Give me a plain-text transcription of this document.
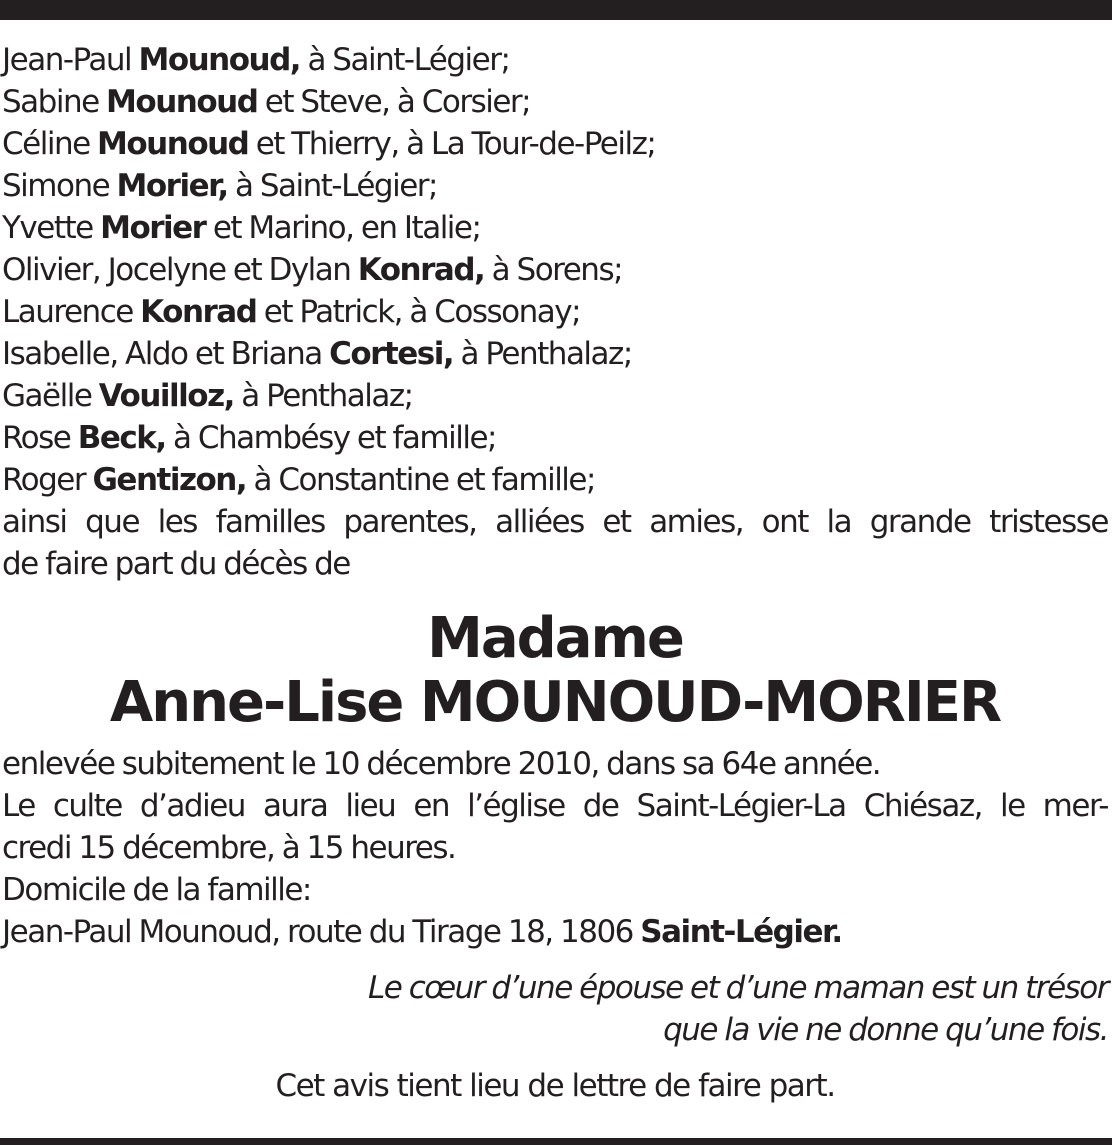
Jean-Paul Mounoud, à Saint-Légier;
Sabine Mounoud et Steve, à Corsier;
Céline Mounoud et Thierry, à La Tour-de-Peilz;
Simone Morier, à Saint-Légier;
Yvette Morier et Marino, en Italie;
Olivier, Jocelyne et Dylan Konrad, à Sorens;
Laurence Konrad et Patrick, à Cossonay;
Isabelle, Aldo et Briana Cortesi, à Penthalaz;
Gaëlle Vouilloz, à Penthalaz;
Rose Beck, à Chambésy et famille;
Roger Gentizon, à Constantine et famille;
ainsi que les familles parentes, alliées et amies, ont la grande tristesse
de faire part du décès de
Madame
Anne-Lise MOUNOUD-MORIER
enlevée subitement le 10 décembre 2010, dans sa 64e année.
Le culte d’adieu aura lieu en l’église de Saint-Légier-La Chiésaz, le mer-
credi 15 décembre, à 15 heures.
Domicile de la famille:
Jean-Paul Mounoud, route du Tirage 18, 1806 Saint-Légier.
Le cœur d’une épouse et d’une maman est un trésor
que la vie ne donne qu’une fois.
Cet avis tient lieu de lettre de faire part.
